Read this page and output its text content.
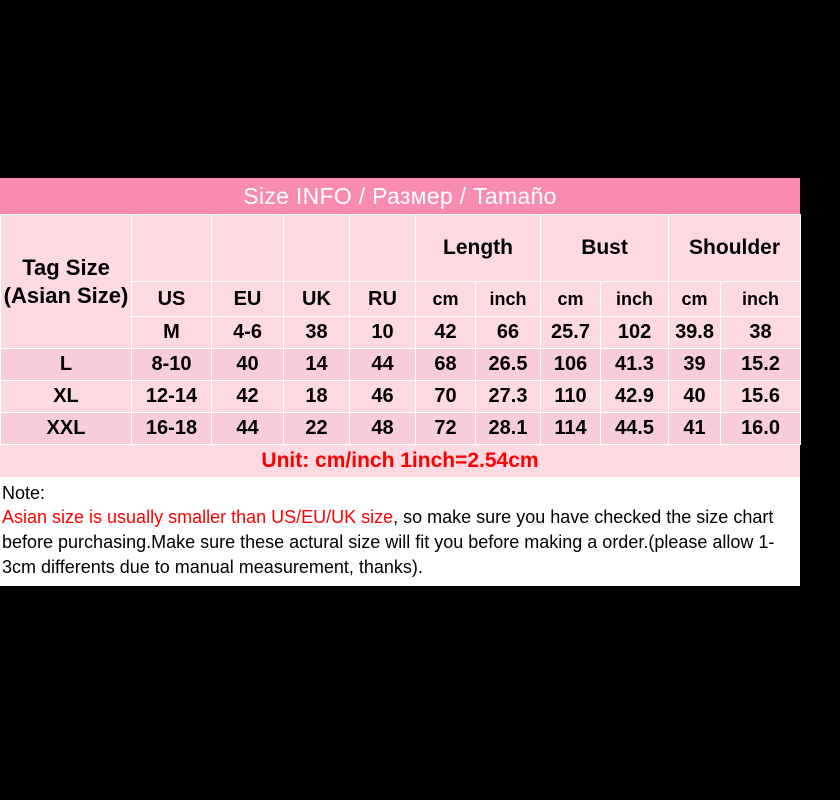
Size INFO / Размер / Tamaño
Tag Size (Asian Size)					Length		Bust		Shoulder		
	US	EU	UK	RU	cm	inch	cm	inch	cm	inch	
	M	4-6	38	10	42	66	25.7	102	39.8	38	14.8
L	8-10	40	14	44	68	26.5	106	41.3	39	15.2	
XL	12-14	42	18	46	70	27.3	110	42.9	40	15.6	
XXL	16-18	44	22	48	72	28.1	114	44.5	41	16.0	
Unit: cm/inch 1inch=2.54cm
Note:
Asian size is usually smaller than US/EU/UK size, so make sure you have checked the size chart before purchasing.Make sure these actural size will fit you before making a order.(please allow 1-3cm differents due to manual measurement, thanks).
